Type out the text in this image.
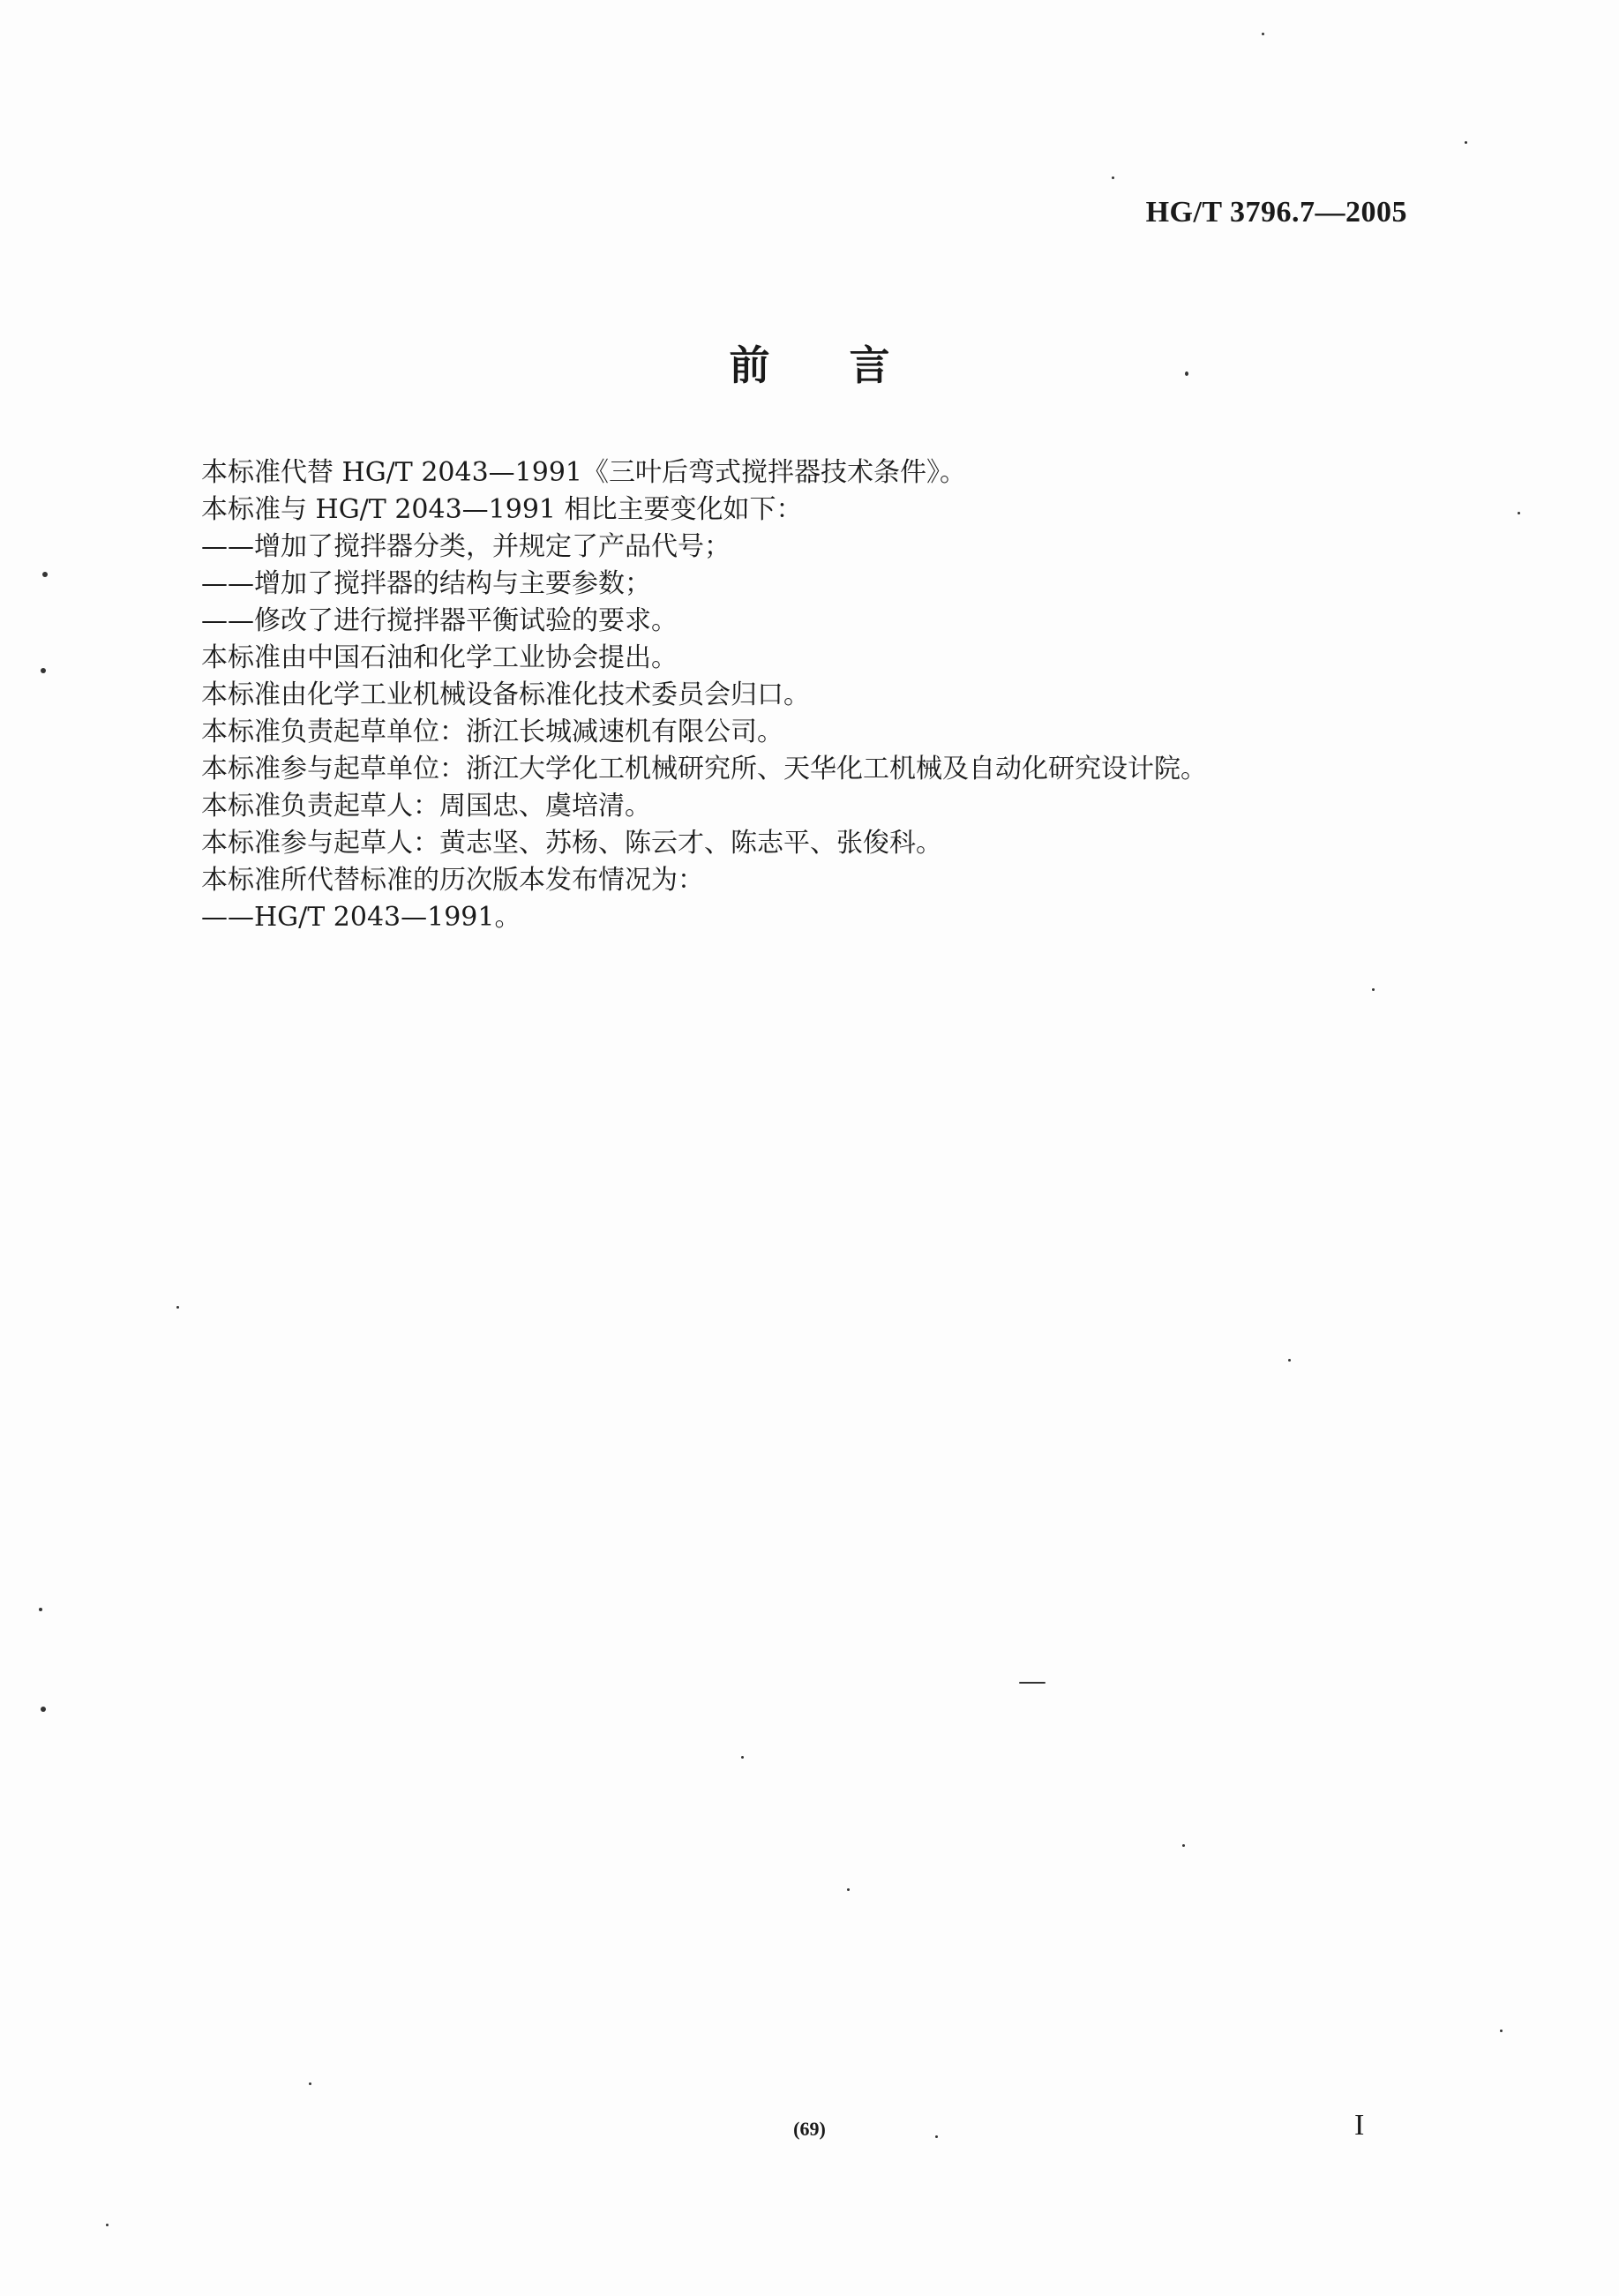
HG/T 3796.7—2005
前言
本标准代替 HG/T 2043—1991《三叶后弯式搅拌器技术条件》。
本标准与 HG/T 2043—1991 相比主要变化如下：
——增加了搅拌器分类，并规定了产品代号；
——增加了搅拌器的结构与主要参数；
——修改了进行搅拌器平衡试验的要求。
本标准由中国石油和化学工业协会提出。
本标准由化学工业机械设备标准化技术委员会归口。
本标准负责起草单位：浙江长城减速机有限公司。
本标准参与起草单位：浙江大学化工机械研究所、天华化工机械及自动化研究设计院。
本标准负责起草人：周国忠、虞培清。
本标准参与起草人：黄志坚、苏杨、陈云才、陈志平、张俊科。
本标准所代替标准的历次版本发布情况为：
——HG/T 2043—1991。
(69)	I
